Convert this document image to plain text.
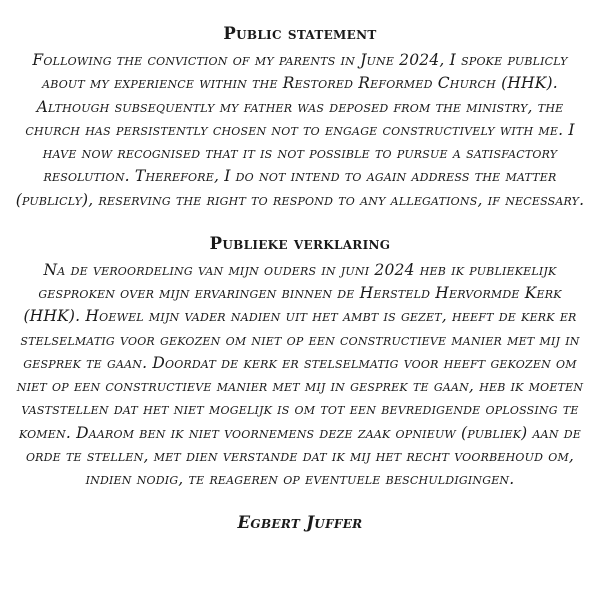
Public statement

Following the conviction of my parents in June 2024, I spoke publicly about my experience within the Restored Reformed Church (HHK). Although subsequently my father was deposed from the ministry, the church has persistently chosen not to engage constructively with me. I have now recognised that it is not possible to pursue a satisfactory resolution. Therefore, I do not intend to again address the matter (publicly), reserving the right to respond to any allegations, if necessary.

Publieke verklaring

Na de veroordeling van mijn ouders in juni 2024 heb ik publiekelijk gesproken over mijn ervaringen binnen de Hersteld Hervormde Kerk (HHK). Hoewel mijn vader nadien uit het ambt is gezet, heeft de kerk er stelselmatig voor gekozen om niet op een constructieve manier met mij in gesprek te gaan. Doordat de kerk er stelselmatig voor heeft gekozen om niet op een constructieve manier met mij in gesprek te gaan, heb ik moeten vaststellen dat het niet mogelijk is om tot een bevredigende oplossing te komen. Daarom ben ik niet voornemens deze zaak opnieuw (publiek) aan de orde te stellen, met dien verstande dat ik mij het recht voorbehoud om, indien nodig, te reageren op eventuele beschuldigingen.

Egbert Juffer
